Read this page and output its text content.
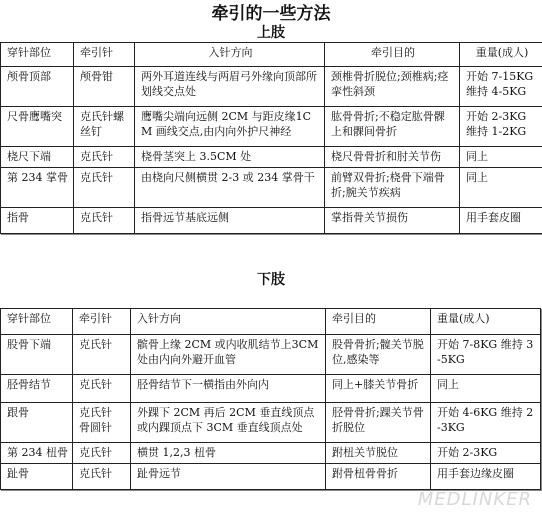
牵引的一些方法
上肢
穿针部位	牵引针	入针方向	牵引目的	重量(成人)
颅骨顶部	颅骨钳	两外耳道连线与两眉弓外缘向顶部所划线交点处	颈椎骨折脱位;颈椎病;痉挛性斜颈	开始 7-15KG 维持 4-5KG
尺骨鹰嘴突	克氏针螺丝钉	鹰嘴尖端向远侧 2CM 与距皮缘1CM 画线交点,由内向外护尺神经	肱骨骨折;不稳定肱骨髁上和髁间骨折	开始 2-3KG 维持 1-2KG
桡尺下端	克氏针	桡骨茎突上 3.5CM 处	桡尺骨骨折和肘关节伤	同上
第 234 掌骨	克氏针	由桡向尺侧横贯 2-3 或 234 掌骨干	前臂双骨折;桡骨下端骨折;腕关节疾病	同上
指骨	克氏针	指骨远节基底远侧	掌指骨关节损伤	用手套皮圈
下肢
穿针部位	牵引针	入针方向	牵引目的	重量(成人)
股骨下端	克氏针	髌骨上缘 2CM 或内收肌结节上3CM 处由内向外避开血管	股骨骨折;髋关节脱位,感染等	开始 7-8KG 维持 3-5KG
胫骨结节	克氏针	胫骨结节下一横指由外向内	同上+膝关节骨折	同上
跟骨	克氏针 骨圆针	外踝下 2CM 再后 2CM 垂直线顶点或内踝顶点下 3CM 垂直线顶点处	胫骨骨折;踝关节骨折脱位	开始 4-6KG 维持 2-3KG
第 234 杻骨	克氏针	横贯 1,2,3 杻骨	跗杻关节脱位	开始 2-3KG
趾骨	克氏针	趾骨远节	跗骨杻骨骨折	用手套边缘皮圈
MEDLINKER
